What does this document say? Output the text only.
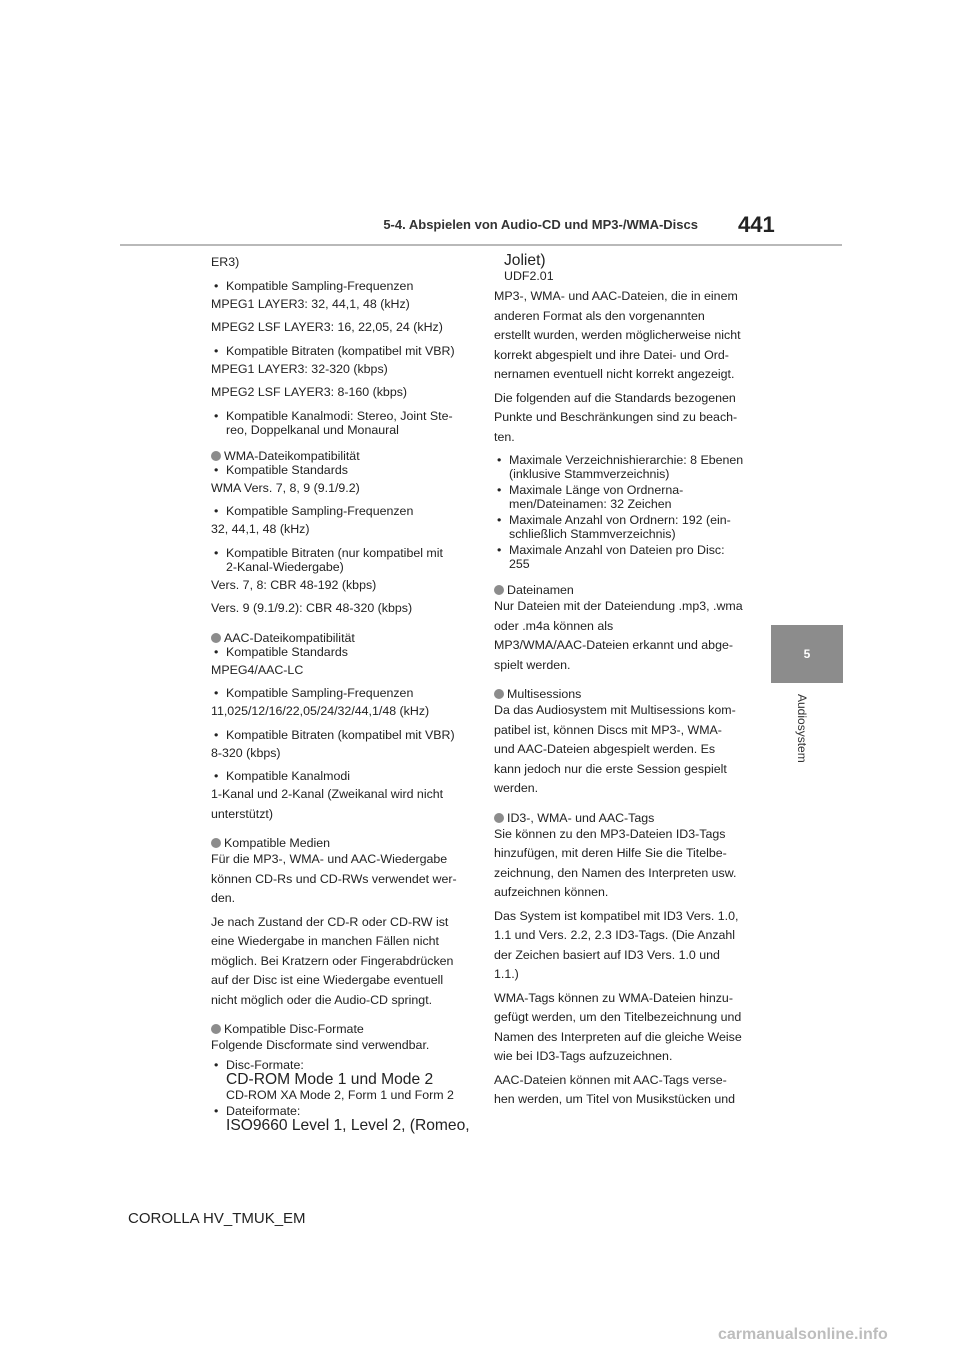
5-4. Abspielen von Audio-CD und MP3-/WMA-Discs 441
5
Audiosystem

ER3)

• Kompatible Sampling-Frequenzen

MPEG1 LAYER3: 32, 44,1, 48 (kHz)

MPEG2 LSF LAYER3: 16, 22,05, 24 (kHz)

• Kompatible Bitraten (kompatibel mit VBR)

MPEG1 LAYER3: 32-320 (kbps)

MPEG2 LSF LAYER3: 8-160 (kbps)

• Kompatible Kanalmodi: Stereo, Joint Ste-
reo, Doppelkanal und Monaural
WMA-Dateikompatibilität
• Kompatible Standards

WMA Vers. 7, 8, 9 (9.1/9.2)

• Kompatible Sampling-Frequenzen

32, 44,1, 48 (kHz)

• Kompatible Bitraten (nur kompatibel mit
2-Kanal-Wiedergabe)

Vers. 7, 8: CBR 48-192 (kbps)

Vers. 9 (9.1/9.2): CBR 48-320 (kbps)

AAC-Dateikompatibilität
• Kompatible Standards

MPEG4/AAC-LC

• Kompatible Sampling-Frequenzen

11,025/12/16/22,05/24/32/44,1/48 (kHz)

• Kompatible Bitraten (kompatibel mit VBR)

8-320 (kbps)

• Kompatible Kanalmodi

1-Kanal und 2-Kanal (Zweikanal wird nicht

unterstützt)

Kompatible Medien

Für die MP3-, WMA- und AAC-Wiedergabe

können CD-Rs und CD-RWs verwendet wer-

den.

Je nach Zustand der CD-R oder CD-RW ist

eine Wiedergabe in manchen Fällen nicht

möglich. Bei Kratzern oder Fingerabdrücken

auf der Disc ist eine Wiedergabe eventuell

nicht möglich oder die Audio-CD springt.

Kompatible Disc-Formate

Folgende Discformate sind verwendbar.

• Disc-Formate:
CD-ROM Mode 1 und Mode 2
CD-ROM XA Mode 2, Form 1 und Form 2
• Dateiformate:
ISO9660 Level 1, Level 2, (Romeo,
Joliet)
UDF2.01

MP3-, WMA- und AAC-Dateien, die in einem

anderen Format als den vorgenannten

erstellt wurden, werden möglicherweise nicht

korrekt abgespielt und ihre Datei- und Ord-

nernamen eventuell nicht korrekt angezeigt.

Die folgenden auf die Standards bezogenen

Punkte und Beschränkungen sind zu beach-

ten.

• Maximale Verzeichnishierarchie: 8 Ebenen
(inklusive Stammverzeichnis)
• Maximale Länge von Ordnerna-
men/Dateinamen: 32 Zeichen
• Maximale Anzahl von Ordnern: 192 (ein-
schließlich Stammverzeichnis)
• Maximale Anzahl von Dateien pro Disc:
255
Dateinamen

Nur Dateien mit der Dateiendung .mp3, .wma

oder .m4a können als

MP3/WMA/AAC-Dateien erkannt und abge-

spielt werden.

Multisessions

Da das Audiosystem mit Multisessions kom-

patibel ist, können Discs mit MP3-, WMA-

und AAC-Dateien abgespielt werden. Es

kann jedoch nur die erste Session gespielt

werden.

ID3-, WMA- und AAC-Tags

Sie können zu den MP3-Dateien ID3-Tags

hinzufügen, mit deren Hilfe Sie die Titelbe-

zeichnung, den Namen des Interpreten usw.

aufzeichnen können.

Das System ist kompatibel mit ID3 Vers. 1.0,

1.1 und Vers. 2.2, 2.3 ID3-Tags. (Die Anzahl

der Zeichen basiert auf ID3 Vers. 1.0 und

1.1.)

WMA-Tags können zu WMA-Dateien hinzu-

gefügt werden, um den Titelbezeichnung und

Namen des Interpreten auf die gleiche Weise

wie bei ID3-Tags aufzuzeichnen.

AAC-Dateien können mit AAC-Tags verse-

hen werden, um Titel von Musikstücken und

COROLLA HV_TMUK_EM
carmanualsonline.info
